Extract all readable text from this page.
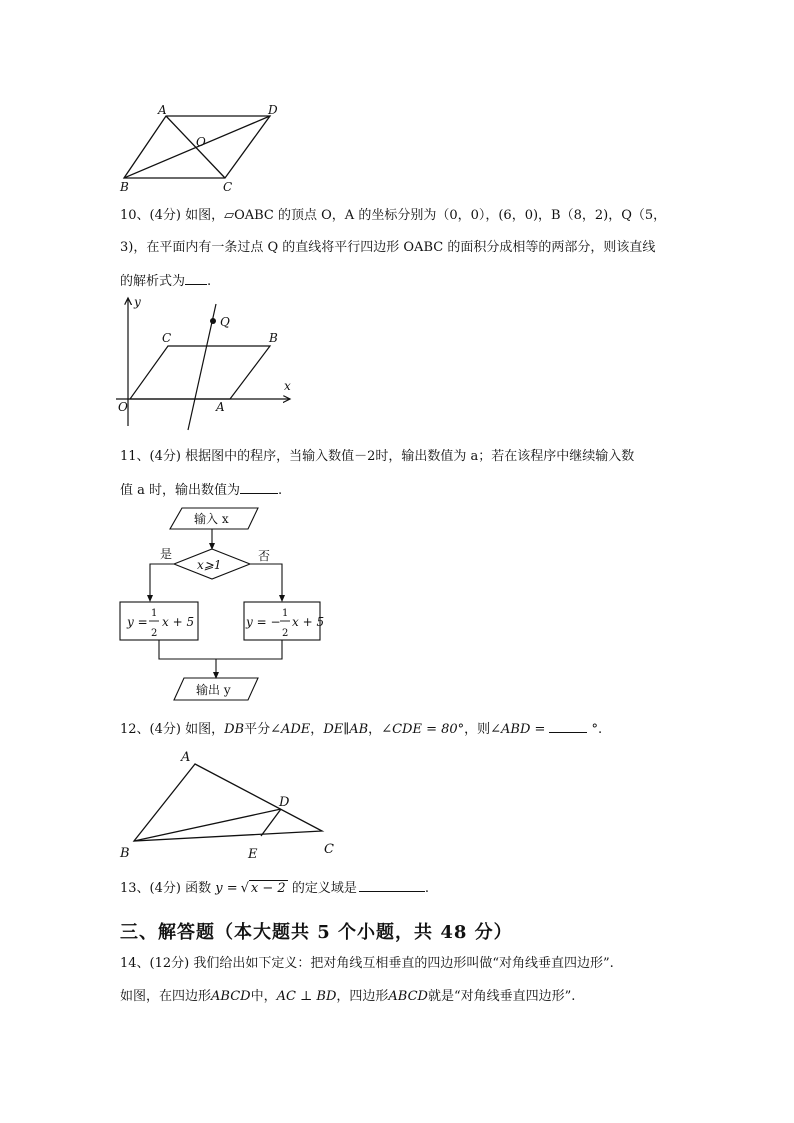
A	D
O
B	C
10、(4分) 如图，▱OABC 的顶点 O，A 的坐标分别为（0，0），(6，0)，B（8，2)，Q（5，
3)，在平面内有一条过点 Q 的直线将平行四边形 OABC 的面积分成相等的两部分，则该直线
的解析式为 .
y
Q
C	B
x
O	A
11、(4分) 根据图中的程序，当输入数值－2时，输出数值为 a；若在该程序中继续输入数
值 a 时，输出数值为	.
输入 x
x⩾1
是	否
y =
1
2
x + 5	y = −
1
2
x + 5
输出 y
12、(4分) 如图，DB平分∠ADE，DE∥AB，∠CDE = 80°，则∠ABD =	°.
A
D
B	E	C
13、(4分) 函数 y = √ x − 2 的定义域是	.
三、解答题（本大题共 5 个小题，共 48 分）
14、(12分) 我们给出如下定义：把对角线互相垂直的四边形叫做“对角线垂直四边形”.
如图，在四边形ABCD中，AC ⊥ BD，四边形ABCD就是“对角线垂直四边形”.
